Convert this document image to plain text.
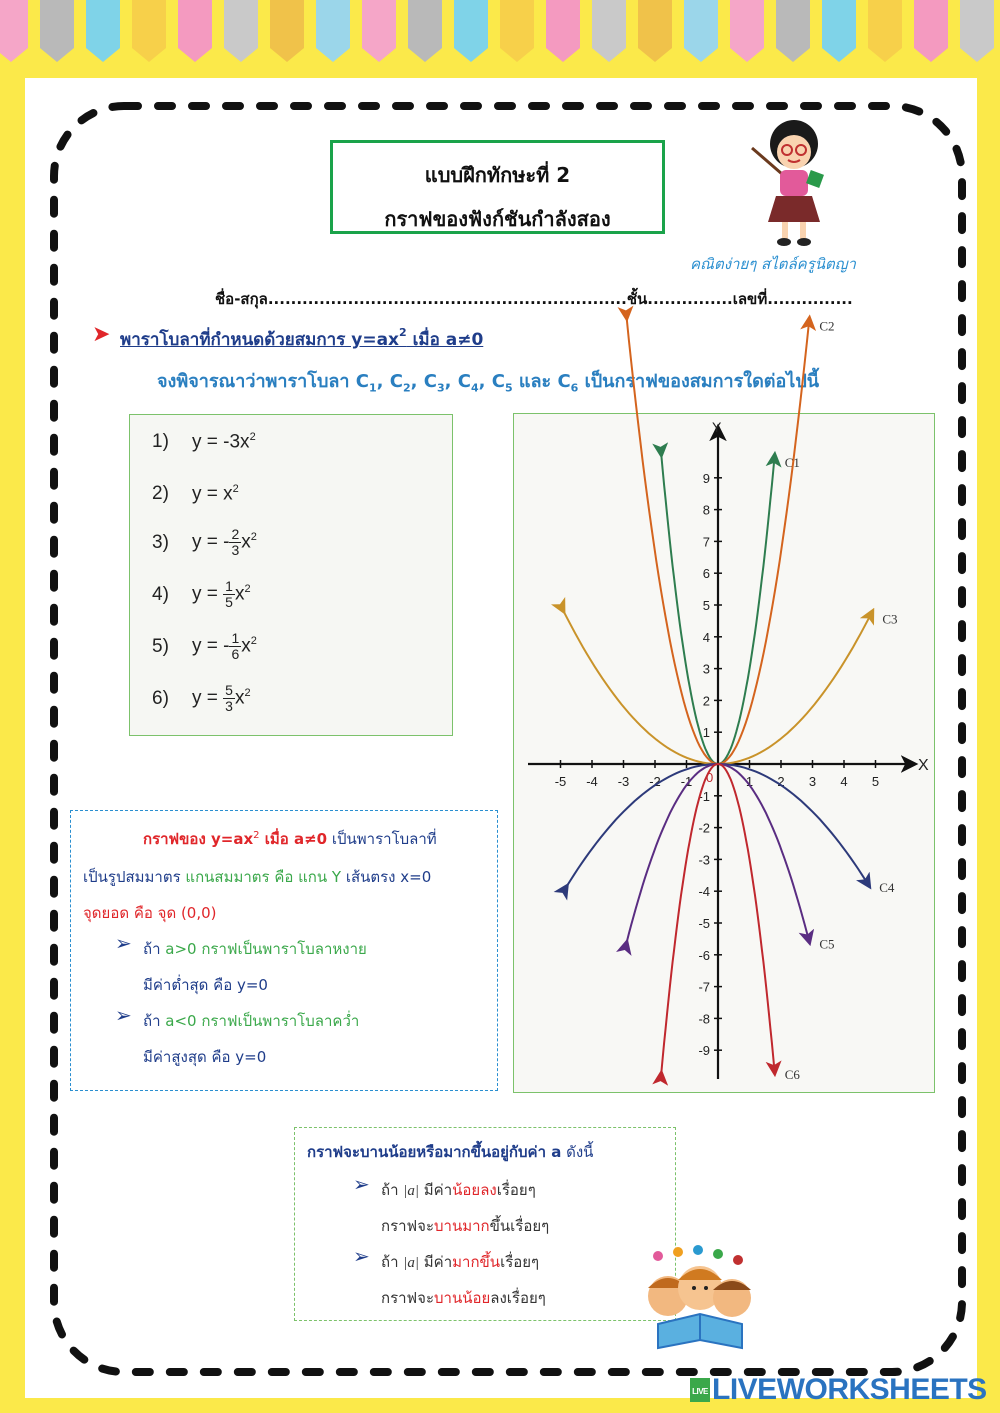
แบบฝึกทักษะที่ 2
กราฟของฟังก์ชันกำลังสอง
คณิตง่ายๆ สไตล์ครูนิตญา
ชื่อ-สกุล...............................................................ชั้น...............เลขที่...............
➤ พาราโบลาที่กำหนดด้วยสมการ $y=ax^2$ เมื่อ a≠0
จงพิจารณาว่าพาราโบลา $C_1$, $C_2$, $C_3$, $C_4$, $C_5$ และ $C_6$ เป็นกราฟของสมการใดต่อไปนี้
1) $y = -3x^2$
2) $y = x^2$
3) y = - $\frac{2}{3} x^2$
4) $y = \frac{1}{5} x^2$
5) y = - $\frac{1}{6} x^2$
6) $y = \frac{5}{3} x^2$
X
Y
-5 -4 -3 -2 -1	1 2 3 4 5
-9
-8
-7
-6
-5
-4
-3
-2
-1
1
2
3
4
5
6
7
8
9
0
C1
C2
C3
C4
C5
C6
กราฟของ $y=ax^2$ เมื่อ a≠0 เป็นพาราโบลาที่
เป็นรูปสมมาตร แกนสมมาตร คือ แกน Y เส้นตรง x=0
จุดยอด คือ จุด (0,0)
➢ ถ้า a>0 กราฟเป็นพาราโบลาหงาย
มีค่าต่ำสุด คือ y=0
➢ ถ้า a<0 กราฟเป็นพาราโบลาคว่ำ
มีค่าสูงสุด คือ y=0
กราฟจะบานน้อยหรือมากขึ้นอยู่กับค่า a ดังนี้
➢ ถ้า |a| มีค่าน้อยลงเรื่อยๆ
กราฟจะบานมากขึ้นเรื่อยๆ
➢ ถ้า |a| มีค่ามากขึ้นเรื่อยๆ
กราฟจะบานน้อยลงเรื่อยๆ
LIVE LIVEWORKSHEETS
